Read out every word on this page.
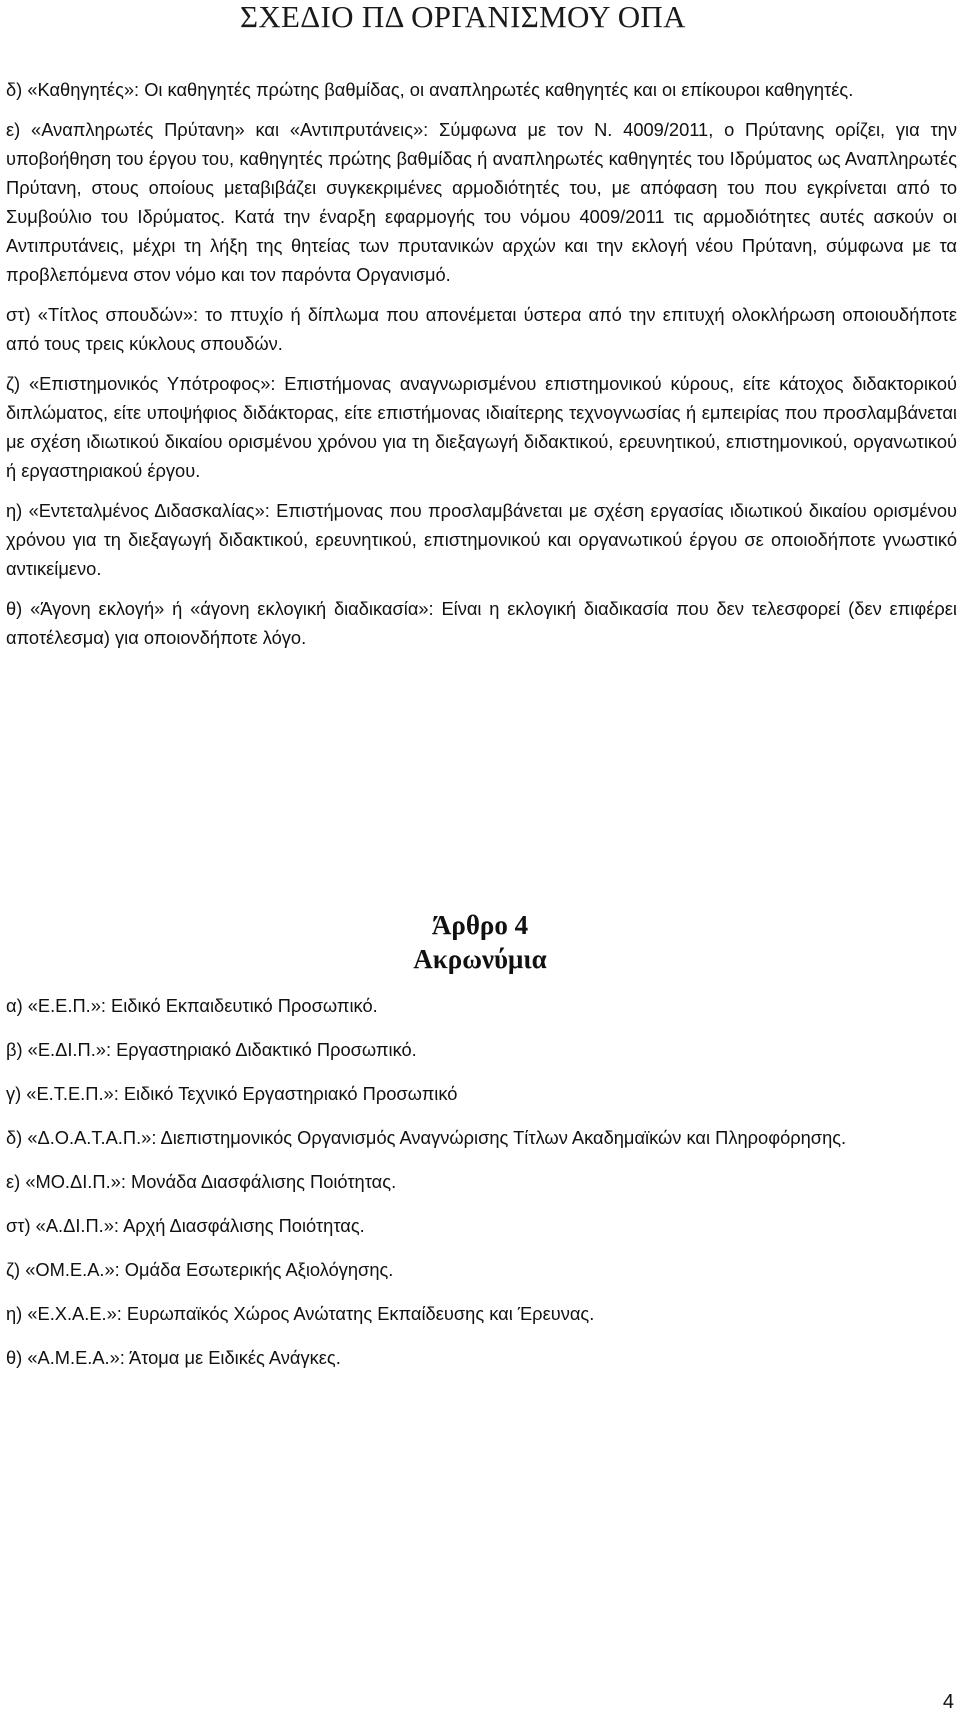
ΣΧΕΔΙΟ ΠΔ ΟΡΓΑΝΙΣΜΟΥ ΟΠΑ

δ) «Καθηγητές»: Οι καθηγητές πρώτης βαθμίδας, οι αναπληρωτές καθηγητές και οι επίκουροι καθηγητές.

ε) «Αναπληρωτές Πρύτανη» και «Αντιπρυτάνεις»: Σύμφωνα με τον Ν. 4009/2011, ο Πρύτανης ορίζει, για την υποβοήθηση του έργου του, καθηγητές πρώτης βαθμίδας ή αναπληρωτές καθηγητές του Ιδρύματος ως Αναπληρωτές Πρύτανη, στους οποίους μεταβιβάζει συγκεκριμένες αρμοδιότητές του, με απόφαση του που εγκρίνεται από το Συμβούλιο του Ιδρύματος. Κατά την έναρξη εφαρμογής του νόμου 4009/2011 τις αρμοδιότητες αυτές ασκούν οι Αντιπρυτάνεις, μέχρι τη λήξη της θητείας των πρυτανικών αρχών και την εκλογή νέου Πρύτανη, σύμφωνα με τα προβλεπόμενα στον νόμο και τον παρόντα Οργανισμό.

στ) «Τίτλος σπουδών»: το πτυχίο ή δίπλωμα που απονέμεται ύστερα από την επιτυχή ολοκλήρωση οποιουδήποτε από τους τρεις κύκλους σπουδών.

ζ) «Επιστημονικός Υπότροφος»: Επιστήμονας αναγνωρισμένου επιστημονικού κύρους, είτε κάτοχος διδακτορικού διπλώματος, είτε υποψήφιος διδάκτορας, είτε επιστήμονας ιδιαίτερης τεχνογνωσίας ή εμπειρίας που προσλαμβάνεται με σχέση ιδιωτικού δικαίου ορισμένου χρόνου για τη διεξαγωγή διδακτικού, ερευνητικού, επιστημονικού, οργανωτικού ή εργαστηριακού έργου.

η) «Εντεταλμένος Διδασκαλίας»: Επιστήμονας που προσλαμβάνεται με σχέση εργασίας ιδιωτικού δικαίου ορισμένου χρόνου για τη διεξαγωγή διδακτικού, ερευνητικού, επιστημονικού και οργανωτικού έργου σε οποιοδήποτε γνωστικό αντικείμενο.

θ) «Άγονη εκλογή» ή «άγονη εκλογική διαδικασία»: Είναι η εκλογική διαδικασία που δεν τελεσφορεί (δεν επιφέρει αποτέλεσμα) για οποιονδήποτε λόγο.

Άρθρο 4
Ακρωνύμια

α) «Ε.Ε.Π.»: Ειδικό Εκπαιδευτικό Προσωπικό.

β) «Ε.ΔΙ.Π.»: Εργαστηριακό Διδακτικό Προσωπικό.

γ) «Ε.Τ.Ε.Π.»: Ειδικό Τεχνικό Εργαστηριακό Προσωπικό

δ) «Δ.Ο.Α.Τ.Α.Π.»: Διεπιστημονικός Οργανισμός Αναγνώρισης Τίτλων Ακαδημαϊκών και Πληροφόρησης.

ε) «ΜΟ.ΔΙ.Π.»: Μονάδα Διασφάλισης Ποιότητας.

στ) «Α.ΔΙ.Π.»: Αρχή Διασφάλισης Ποιότητας.

ζ) «ΟΜ.Ε.Α.»: Ομάδα Εσωτερικής Αξιολόγησης.

η) «Ε.Χ.Α.Ε.»: Ευρωπαϊκός Χώρος Ανώτατης Εκπαίδευσης και Έρευνας.

θ) «Α.Μ.Ε.Α.»: Άτομα με Ειδικές Ανάγκες.

4
